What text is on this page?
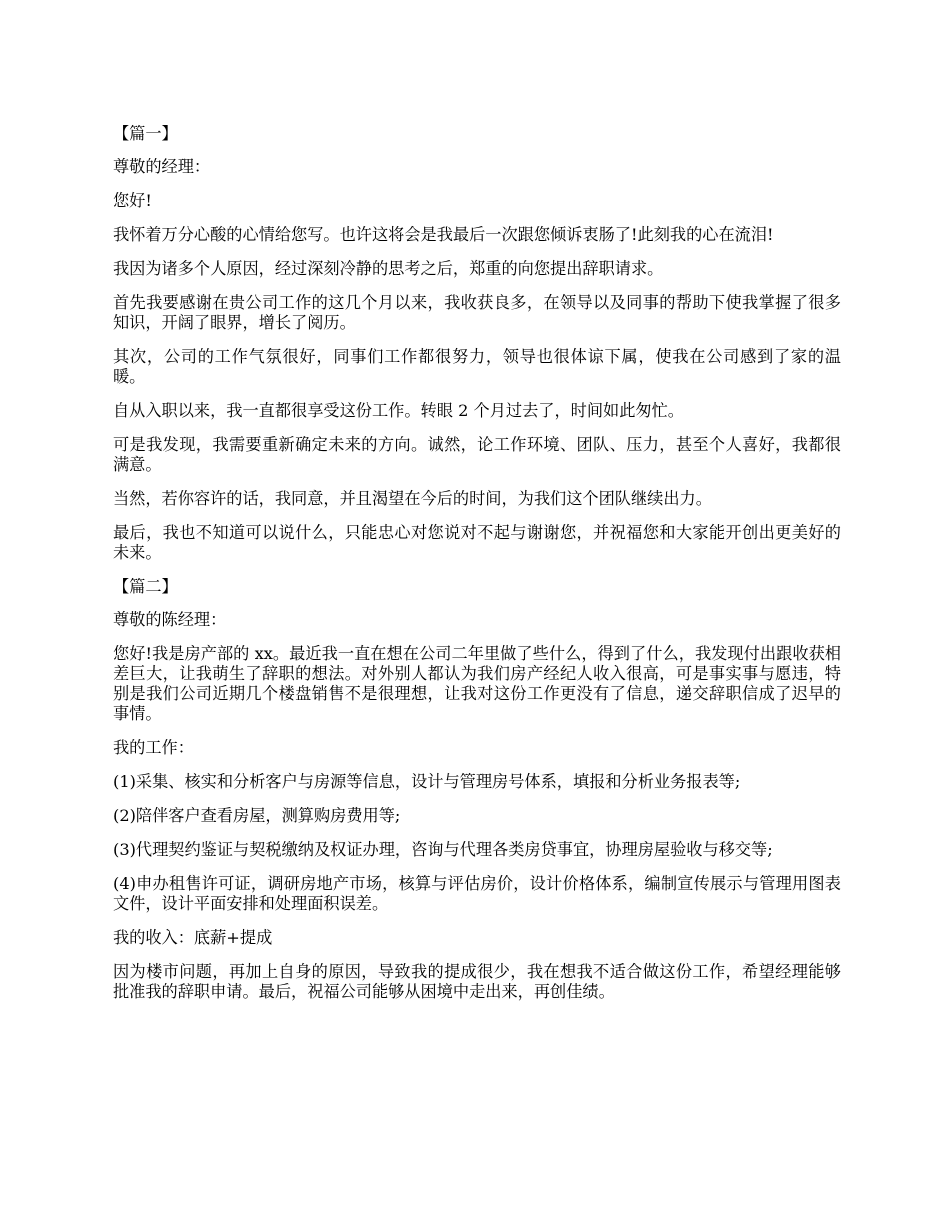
【篇一】

尊敬的经理：

您好!

我怀着万分心酸的心情给您写。也许这将会是我最后一次跟您倾诉衷肠了!此刻我的心在流泪!

我因为诸多个人原因，经过深刻冷静的思考之后，郑重的向您提出辞职请求。

首先我要感谢在贵公司工作的这几个月以来，我收获良多，在领导以及同事的帮助下使我掌握了很多知识，开阔了眼界，增长了阅历。

其次，公司的工作气氛很好，同事们工作都很努力，领导也很体谅下属，使我在公司感到了家的温暖。

自从入职以来，我一直都很享受这份工作。转眼 2 个月过去了，时间如此匆忙。

可是我发现，我需要重新确定未来的方向。诚然，论工作环境、团队、压力，甚至个人喜好，我都很满意。

当然，若你容许的话，我同意，并且渴望在今后的时间，为我们这个团队继续出力。

最后，我也不知道可以说什么，只能忠心对您说对不起与谢谢您，并祝福您和大家能开创出更美好的未来。

【篇二】

尊敬的陈经理：

您好!我是房产部的 xx。最近我一直在想在公司二年里做了些什么，得到了什么，我发现付出跟收获相差巨大，让我萌生了辞职的想法。对外别人都认为我们房产经纪人收入很高，可是事实事与愿违，特别是我们公司近期几个楼盘销售不是很理想，让我对这份工作更没有了信息，递交辞职信成了迟早的事情。

我的工作：

(1)采集、核实和分析客户与房源等信息，设计与管理房号体系，填报和分析业务报表等;

(2)陪伴客户查看房屋，测算购房费用等;

(3)代理契约鉴证与契税缴纳及权证办理，咨询与代理各类房贷事宜，协理房屋验收与移交等;

(4)申办租售许可证，调研房地产市场，核算与评估房价，设计价格体系，编制宣传展示与管理用图表文件，设计平面安排和处理面积误差。

我的收入：底薪+提成

因为楼市问题，再加上自身的原因，导致我的提成很少，我在想我不适合做这份工作，希望经理能够批准我的辞职申请。最后，祝福公司能够从困境中走出来，再创佳绩。
